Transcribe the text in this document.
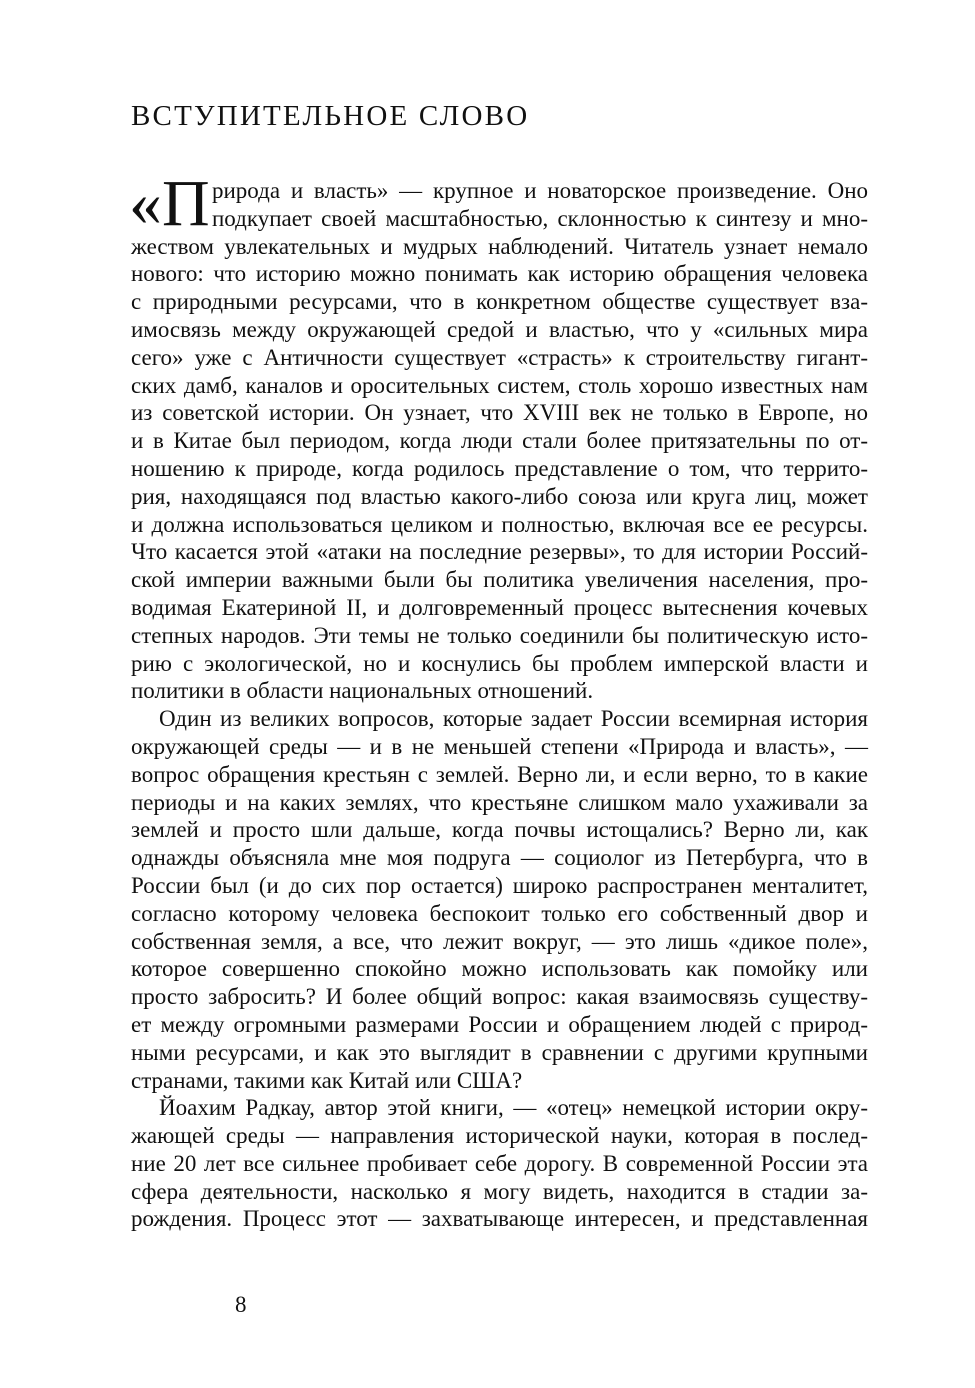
ВСТУПИТЕЛЬНОЕ СЛОВО
«П рирода и власть» — крупное и новаторское произведение. Оно
подкупает своей масштабностью, склонностью к синтезу и мно-
жеством увлекательных и мудрых наблюдений. Читатель узнает немало
нового: что историю можно понимать как историю обращения человека
с природными ресурсами, что в конкретном обществе существует вза-
имосвязь между окружающей средой и властью, что у «сильных мира
сего» уже с Античности существует «страсть» к строительству гигант-
ских дамб, каналов и оросительных систем, столь хорошо известных нам
из советской истории. Он узнает, что XVIII век не только в Европе, но
и в Китае был периодом, когда люди стали более притязательны по от-
ношению к природе, когда родилось представление о том, что террито-
рия, находящаяся под властью какого-либо союза или круга лиц, может
и должна использоваться целиком и полностью, включая все ее ресурсы.
Что касается этой «атаки на последние резервы», то для истории Россий-
ской империи важными были бы политика увеличения населения, про-
водимая Екатериной II, и долговременный процесс вытеснения кочевых
степных народов. Эти темы не только соединили бы политическую исто-
рию с экологической, но и коснулись бы проблем имперской власти и
политики в области национальных отношений.
Один из великих вопросов, которые задает России всемирная история
окружающей среды — и в не меньшей степени «Природа и власть», —
вопрос обращения крестьян с землей. Верно ли, и если верно, то в какие
периоды и на каких землях, что крестьяне слишком мало ухаживали за
землей и просто шли дальше, когда почвы истощались? Верно ли, как
однажды объясняла мне моя подруга — социолог из Петербурга, что в
России был (и до сих пор остается) широко распространен менталитет,
согласно которому человека беспокоит только его собственный двор и
собственная земля, а все, что лежит вокруг, — это лишь «дикое поле»,
которое совершенно спокойно можно использовать как помойку или
просто забросить? И более общий вопрос: какая взаимосвязь существу-
ет между огромными размерами России и обращением людей с природ-
ными ресурсами, и как это выглядит в сравнении с другими крупными
странами, такими как Китай или США?
Йоахим Радкау, автор этой книги, — «отец» немецкой истории окру-
жающей среды — направления исторической науки, которая в послед-
ние 20 лет все сильнее пробивает себе дорогу. В современной России эта
сфера деятельности, насколько я могу видеть, находится в стадии за-
рождения. Процесс этот — захватывающе интересен, и представленная
8
